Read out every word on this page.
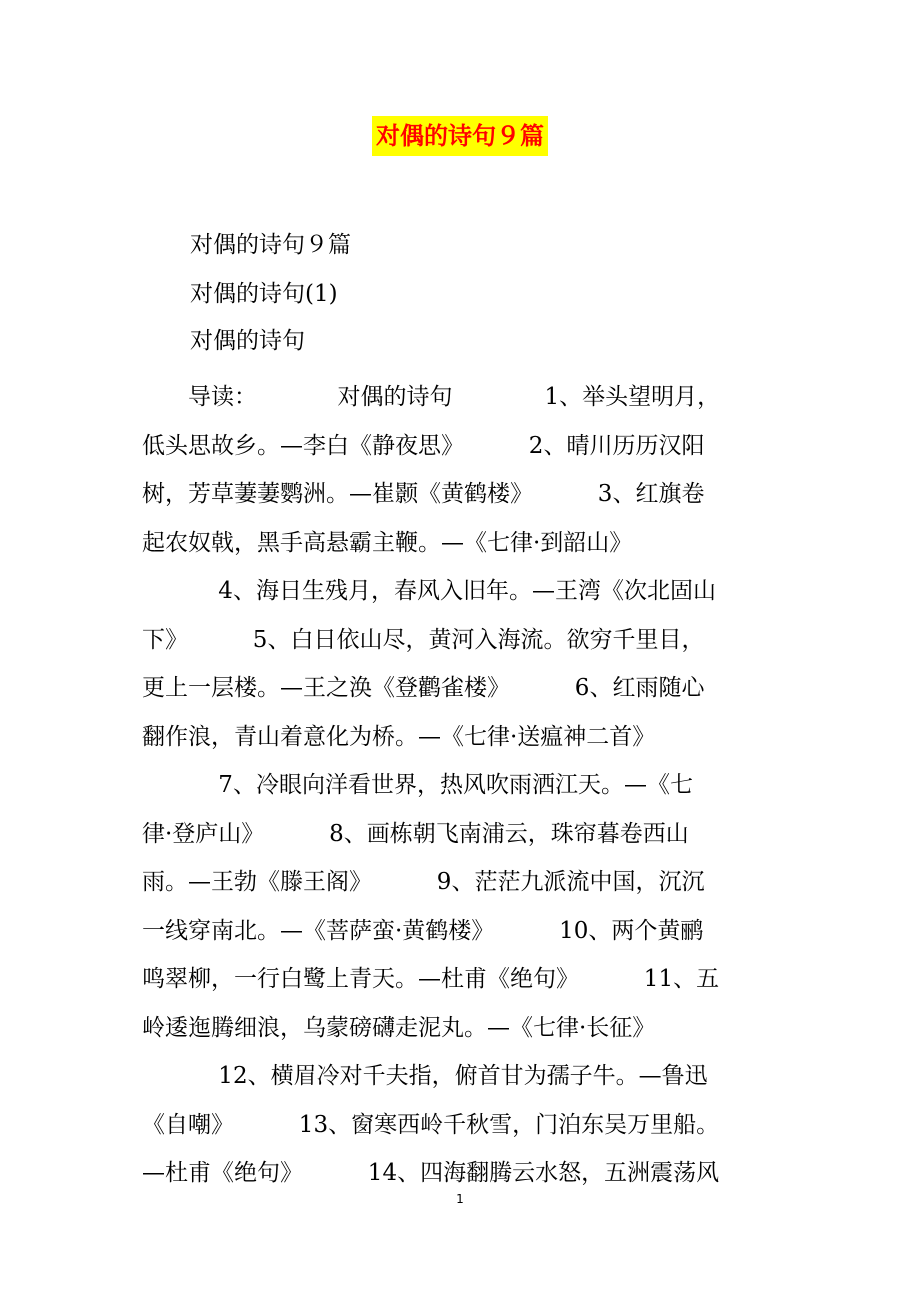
对偶的诗句９篇
对偶的诗句９篇
对偶的诗句(1)
对偶的诗句
　　导读：　　　　对偶的诗句　　　　1、举头望明月，
低头思故乡。—李白《静夜思》　　　 2、晴川历历汉阳
树，芳草萋萋鹦洲。—崔颢《黄鹤楼》　　　 3、红旗卷
起农奴戟，黑手高悬霸主鞭。—《七律·到韶山》
　　　 4、海日生残月，春风入旧年。—王湾《次北固山
下》　　　 5、白日依山尽，黄河入海流。欲穷千里目，
更上一层楼。—王之涣《登鹳雀楼》　　　 6、红雨随心
翻作浪，青山着意化为桥。—《七律·送瘟神二首》
　　　 7、冷眼向洋看世界，热风吹雨洒江天。—《七
律·登庐山》　　　 8、画栋朝飞南浦云，珠帘暮卷西山
雨。—王勃《滕王阁》　　　 9、茫茫九派流中国，沉沉
一线穿南北。—《菩萨蛮·黄鹤楼》　　　 10、两个黄鹂
鸣翠柳，一行白鹭上青天。—杜甫《绝句》　　　 11、五
岭逶迤腾细浪，乌蒙磅礴走泥丸。—《七律·长征》
　　　 12、横眉冷对千夫指，俯首甘为孺子牛。—鲁迅
《自嘲》　　　 13、窗寒西岭千秋雪，门泊东吴万里船。
—杜甫《绝句》　　　 14、四海翻腾云水怒，五洲震荡风
1
